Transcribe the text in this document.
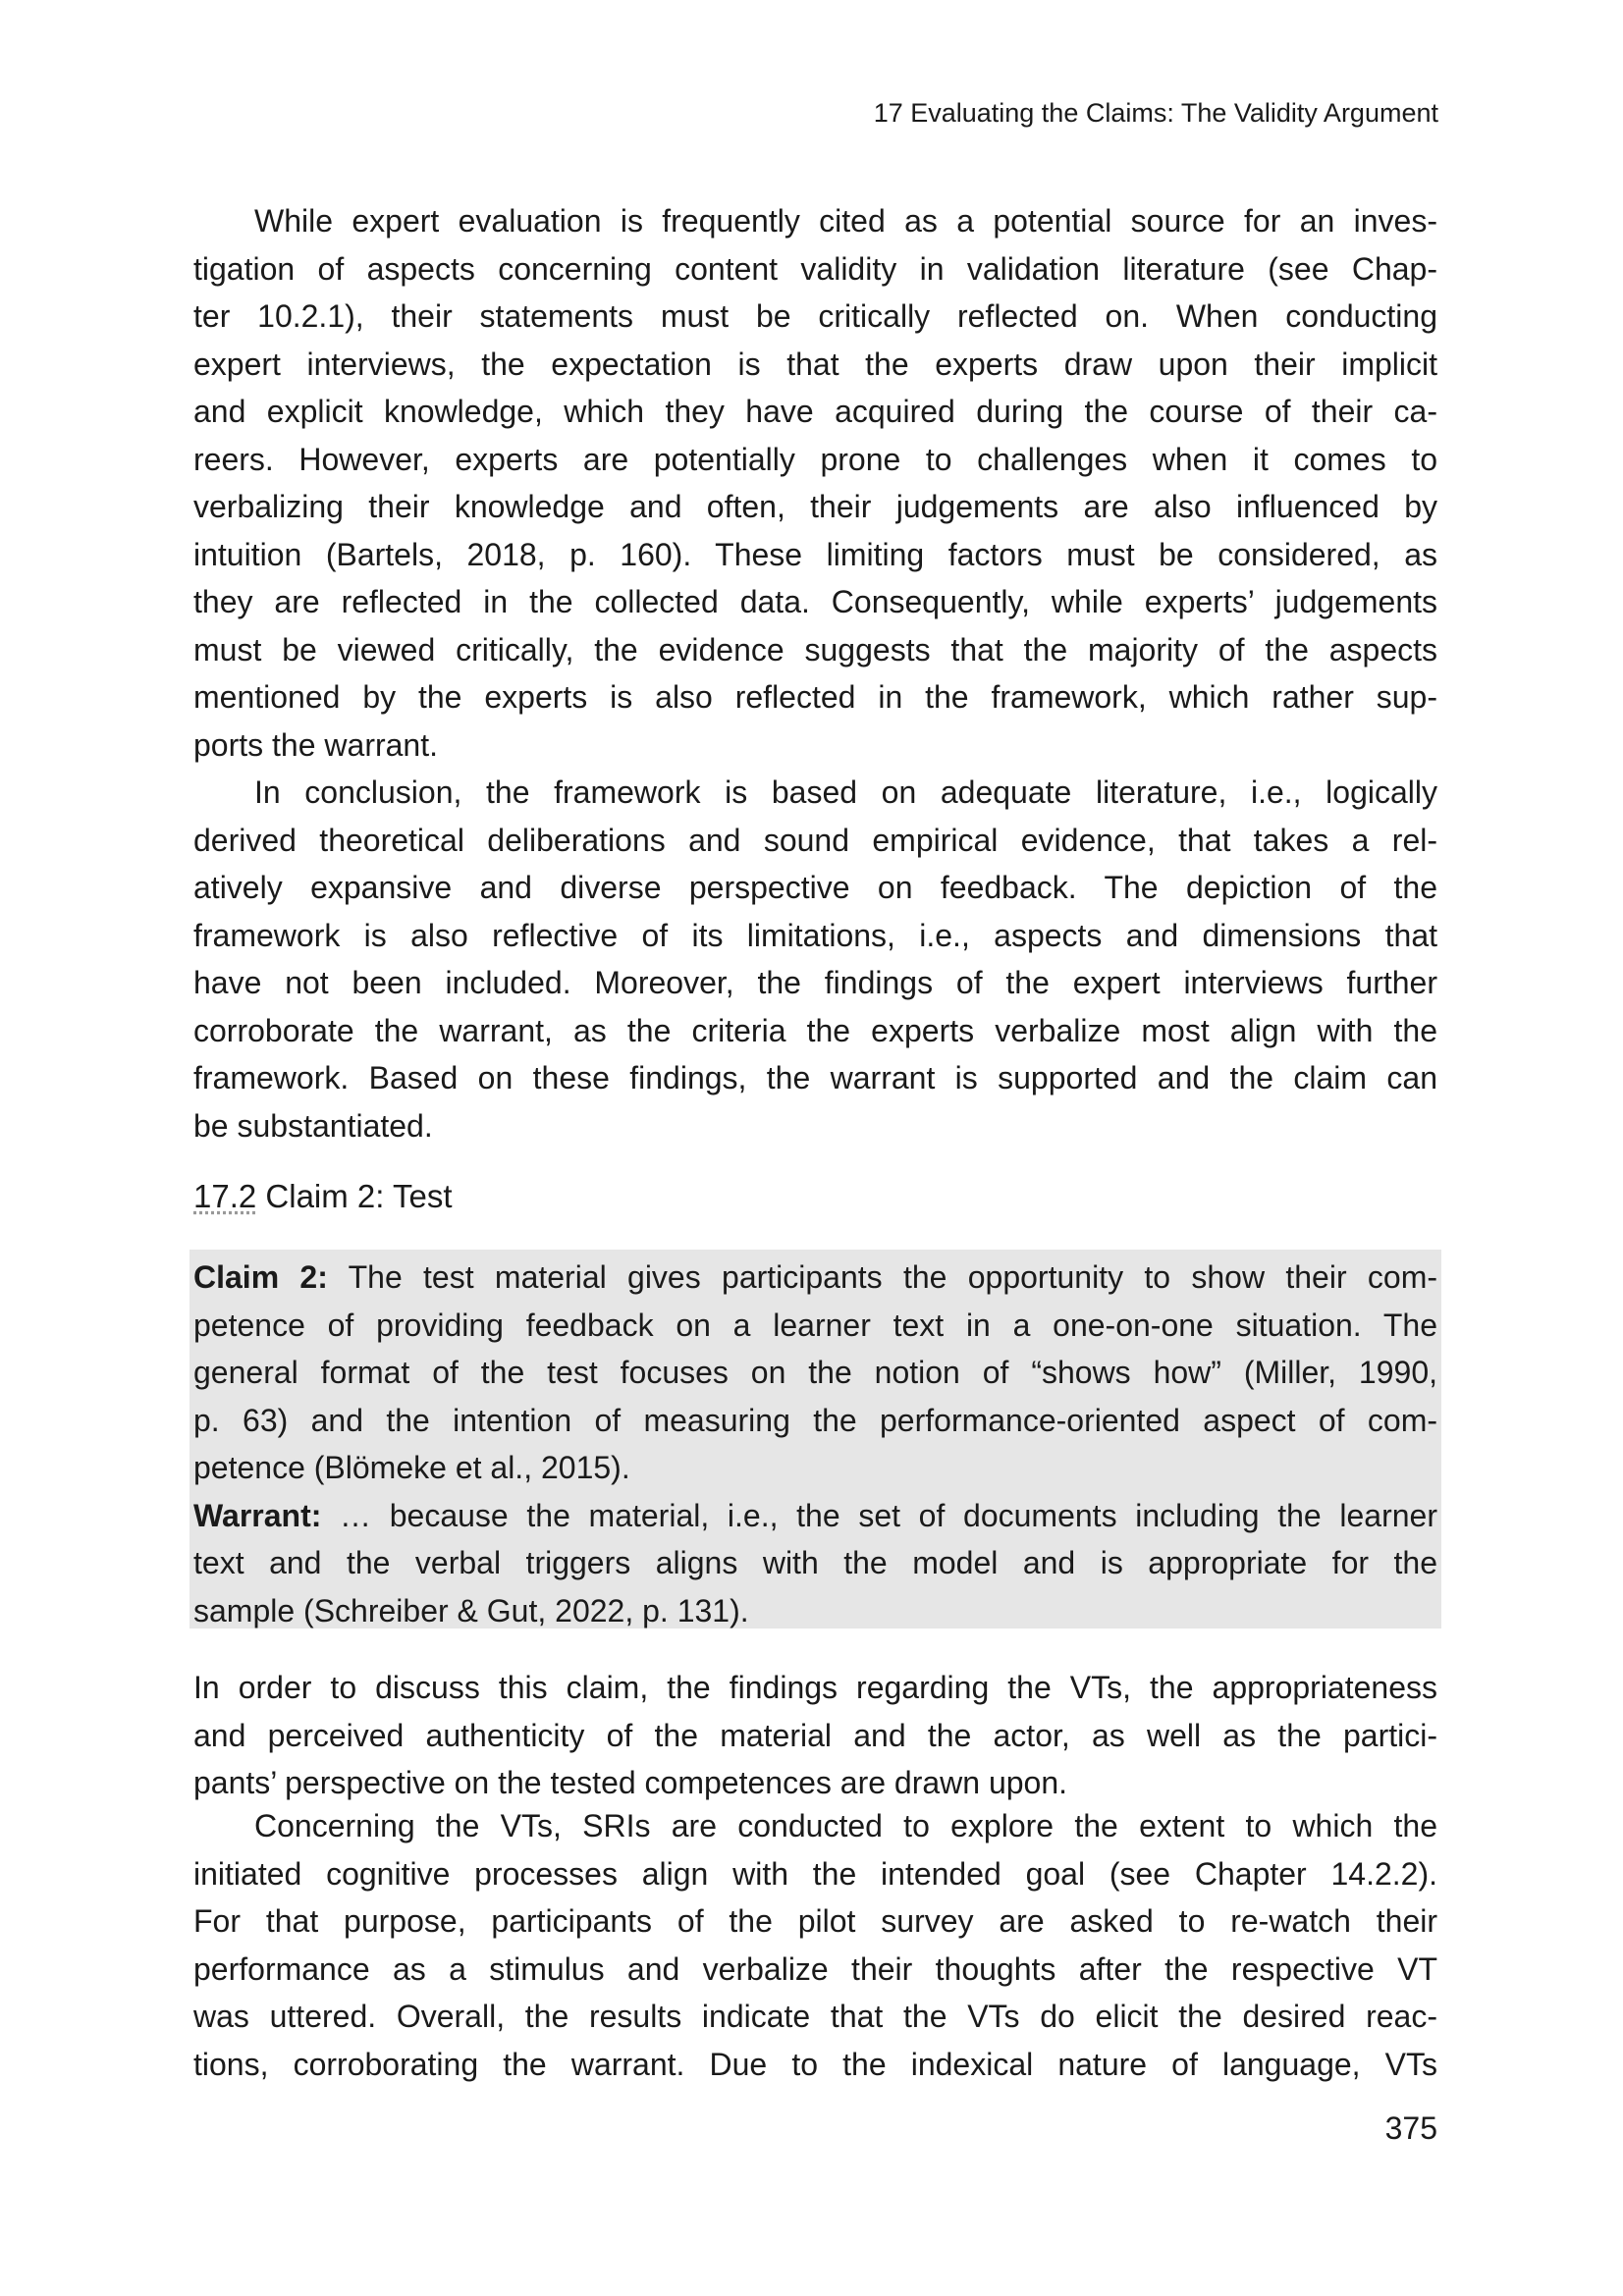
17 Evaluating the Claims: The Validity Argument
While expert evaluation is frequently cited as a potential source for an inves-
tigation of aspects concerning content validity in validation literature (see Chap-
ter 10.2.1), their statements must be critically reflected on. When conducting
expert interviews, the expectation is that the experts draw upon their implicit
and explicit knowledge, which they have acquired during the course of their ca-
reers. However, experts are potentially prone to challenges when it comes to
verbalizing their knowledge and often, their judgements are also influenced by
intuition (Bartels, 2018, p. 160). These limiting factors must be considered, as
they are reflected in the collected data. Consequently, while experts’ judgements
must be viewed critically, the evidence suggests that the majority of the aspects
mentioned by the experts is also reflected in the framework, which rather sup-
ports the warrant.
In conclusion, the framework is based on adequate literature, i.e., logically
derived theoretical deliberations and sound empirical evidence, that takes a rel-
atively expansive and diverse perspective on feedback. The depiction of the
framework is also reflective of its limitations, i.e., aspects and dimensions that
have not been included. Moreover, the findings of the expert interviews further
corroborate the warrant, as the criteria the experts verbalize most align with the
framework. Based on these findings, the warrant is supported and the claim can
be substantiated.
17.2 Claim 2: Test
Claim 2: The test material gives participants the opportunity to show their com-
petence of providing feedback on a learner text in a one-on-one situation. The
general format of the test focuses on the notion of “shows how” (Miller, 1990,
p. 63) and the intention of measuring the performance-oriented aspect of com-
petence (Blömeke et al., 2015).
Warrant: … because the material, i.e., the set of documents including the learner
text and the verbal triggers aligns with the model and is appropriate for the
sample (Schreiber & Gut, 2022, p. 131).
In order to discuss this claim, the findings regarding the VTs, the appropriateness
and perceived authenticity of the material and the actor, as well as the partici-
pants’ perspective on the tested competences are drawn upon.
Concerning the VTs, SRIs are conducted to explore the extent to which the
initiated cognitive processes align with the intended goal (see Chapter 14.2.2).
For that purpose, participants of the pilot survey are asked to re-watch their
performance as a stimulus and verbalize their thoughts after the respective VT
was uttered. Overall, the results indicate that the VTs do elicit the desired reac-
tions, corroborating the warrant. Due to the indexical nature of language, VTs
375
